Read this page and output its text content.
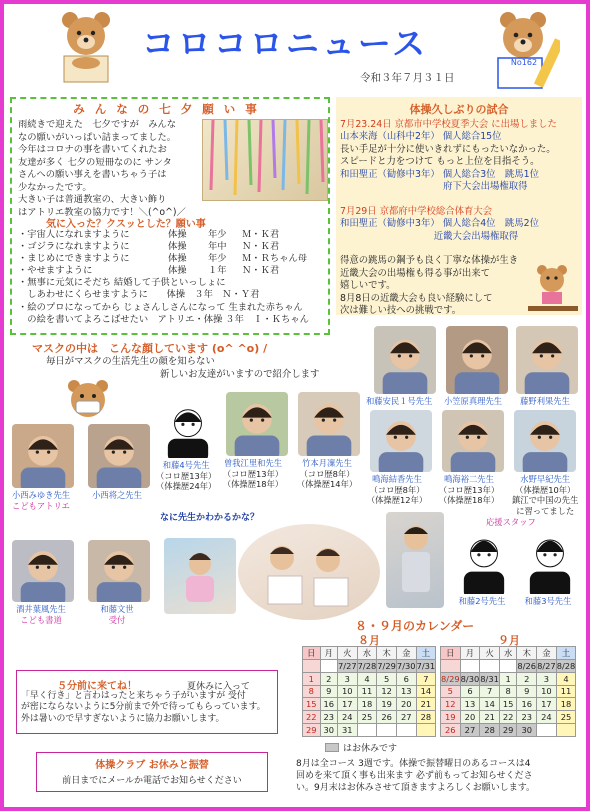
コロコロニュース	No162
令和３年７月３１日
みんなの七夕願い事
雨続きで迎えた　七夕ですが　みんな
なの願いがいっぱい詰まってました。
今年はコロナの事を書いてくれたお
友達が多く 七夕の短冊なのに サンタ
さんへの願い事えを書いちゃう子は
少なかったです。
大きい子は普通教室の、大きい飾り
はアトリエ教室の協力です！＼(^o^)／
気に入った？クスッとした？願い事
・宇宙人になれますように	体操	年少	Ｍ・Ｋ君
・ゴジラになれますように	体操	年中	Ｎ・Ｋ君
・まじめにできますように	体操	年少	Ｍ・Ｒちゃん母
・やせますように	体操	１年	Ｎ・Ｋ君
・無事に元気にそだち 結婚して子供といっしょに
　しあわせにくらせますように　　体操　３年　Ｎ・Ｙ君
・絵のプロになってから じょさんしさんになって 生まれた赤ちゃん
　の絵を書いてよろこばせたい　アトリエ・体操 ３年　Ｉ・Ｋちゃん
体操久しぶりの試合
7月23.24日 京都市中学校夏季大会 に出場しました
山本来海（山科中2年） 個人総合15位
長い手足が十分に使いきれずにもったいなかった。
スピードと力をつけて もっと上位を目指そう。
和田聖正（勧修中3年） 個人総合3位　跳馬1位
　　　　　　　　　　　府下大会出場権取得
7月29日 京都府中学校総合体育大会
和田聖正（勧修中3年） 個人総合4位　跳馬2位
　　　　　　　　　　近畿大会出場権取得
得意の跳馬の鋼予も良く丁寧な体操が生き
近畿大会の出場権も得る事が出来て
嬉しいです。
8月8日の近畿大会も良い経験にして
次は難しい技への挑戦です。
マスクの中は　こんな顔しています (o^ ^o) /
毎日がマスクの生活先生の顔を知らない
新しいお友達がいますので紹介します
小西みゆき先生
こどもアトリエ
小西将之先生
和藤4号先生
（コロ歴13年）
（体操歴24年）
曽我江里和先生
（コロ歴13年）
（体操歴18年）
竹本月凜先生
（コロ歴8年）
（体操歴14年）
和藤安民１号先生 小笠原真理先生	藤野利果先生
鳴海結香先生
（コロ歴8年）
（体操歴12年）
鳴海裕二先生
（コロ歴13年）
（体操歴18年）
水野早紀先生
（体操歴10年）
鎮江で中国の先生
に習ってました
酒井葉風先生
こども書道
和藤文世
受付
和藤2号先生	和藤3号先生
なに先生かわかるかな？	応援スタッフ
８・９月のカレンダー
８月	９月
日	月	火	水	木	金	土
		7/27	7/28	7/29	7/30	7/31
1	2	3	4	5	6	7
8	9	10	11	12	13	14
15	16	17	18	19	20	21
22	23	24	25	26	27	28
29	30	31				
日	月	火	水	木	金	土
				8/26	8/27	8/28
8/29	8/30	8/31	1	2	3	4
5	6	7	8	9	10	11
12	13	14	15	16	17	18
19	20	21	22	23	24	25
26	27	28	29	30		
はお休みです
５分前に来てね！	夏休みに入って
「早く行き」と言わはったと来ちゃう子がいますが 受付
が密にならないように5分前まで外で待ってもらっています。
外は暑いので早すぎないように協力お願いします。
体操クラブ お休みと振替
前日までにメールか電話でお知らせください
8月は全コース 3週です。体操で振替曜日のあるコースは4
回めを来て頂く事も出来ます 必ず前もってお知らせくださ
い。9月末はお休みさせて頂きますよろしくお願いします。
